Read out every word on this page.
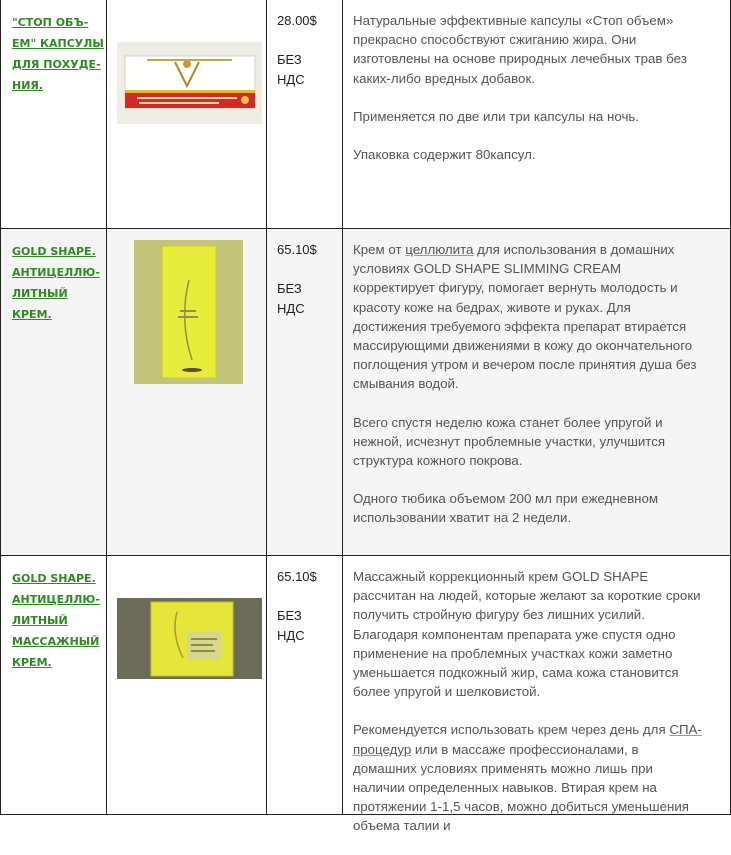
"СТОП ОБЪ-
ЕМ" КАПСУЛЫ
ДЛЯ ПОХУДЕ-
НИЯ.
28.00$
БЕЗ
НДС

Натуральные эффективные капсулы «Стоп объем» прекрасно способствуют сжиганию жира. Они изготовлены на основе природных лечебных трав без каких-либо вредных добавок.

Применяется по две или три капсулы на ночь.

Упаковка содержит 80капсул.

GOLD SHAPE.
АНТИЦЕЛЛЮ-
ЛИТНЫЙ
КРЕМ.
65.10$
БЕЗ
НДС

Крем от целлюлита для использования в домашних условиях GOLD SHAPE SLIMMING CREAM корректирует фигуру, помогает вернуть молодость и красоту коже на бедрах, животе и руках. Для достижения требуемого эффекта препарат втирается массирующими движениями в кожу до окончательного поглощения утром и вечером после принятия душа без смывания водой.

Всего спустя неделю кожа станет более упругой и нежной, исчезнут проблемные участки, улучшится структура кожного покрова.

Одного тюбика объемом 200 мл при ежедневном использовании хватит на 2 недели.

GOLD SHAPE.
АНТИЦЕЛЛЮ-
ЛИТНЫЙ
МАССАЖНЫЙ
КРЕМ.
65.10$
БЕЗ
НДС

Массажный коррекционный крем GOLD SHAPE рассчитан на людей, которые желают за короткие сроки получить стройную фигуру без лишних усилий. Благодаря компонентам препарата уже спустя одно применение на проблемных участках кожи заметно уменьшается подкожный жир, сама кожа становится более упругой и шелковистой.

Рекомендуется использовать крем через день для СПА-процедур или в массаже профессионалами, в домашних условиях применять можно лишь при наличии определенных навыков. Втирая крем на протяжении 1-1,5 часов, можно добиться уменьшения объема талии и
